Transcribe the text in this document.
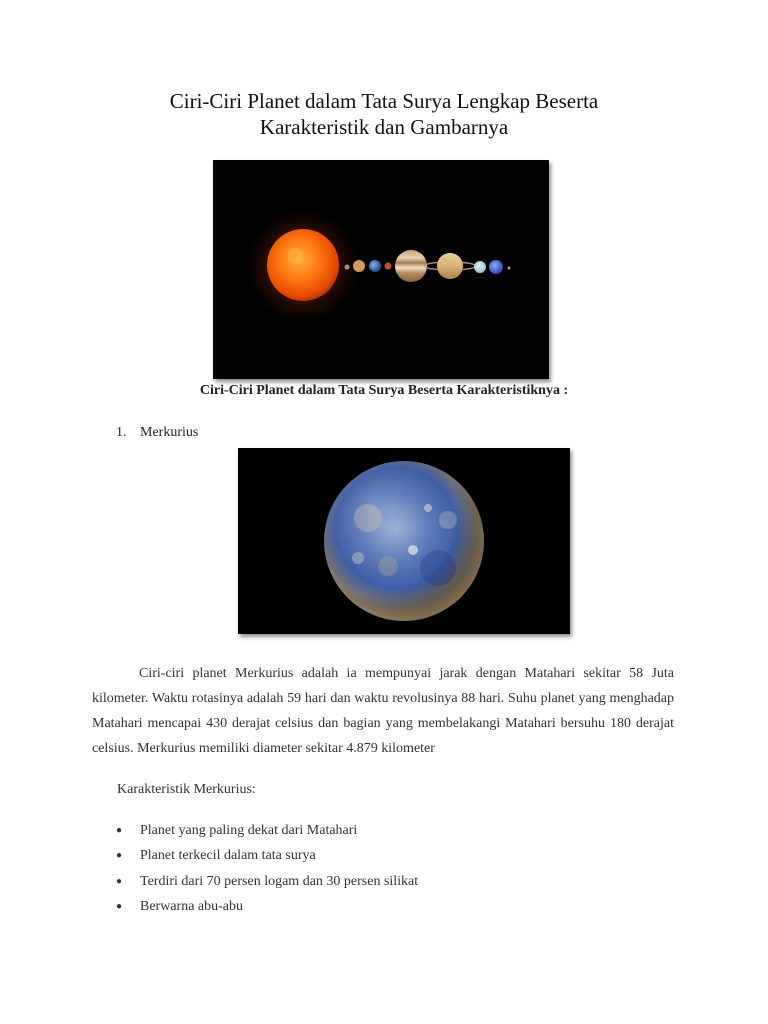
Ciri-Ciri Planet dalam Tata Surya Lengkap Beserta
Karakteristik dan Gambarnya
Ciri-Ciri Planet dalam Tata Surya Beserta Karakteristiknya :
1. Merkurius

Ciri-ciri planet Merkurius adalah ia mempunyai jarak dengan Matahari sekitar 58 Juta kilometer. Waktu rotasinya adalah 59 hari dan waktu revolusinya 88 hari. Suhu planet yang menghadap Matahari mencapai 430 derajat celsius dan bagian yang membelakangi Matahari bersuhu 180 derajat celsius. Merkurius memiliki diameter sekitar 4.879 kilometer

Karakteristik Merkurius:
● Planet yang paling dekat dari Matahari
● Planet terkecil dalam tata surya
● Terdiri dari 70 persen logam dan 30 persen silikat
● Berwarna abu-abu
